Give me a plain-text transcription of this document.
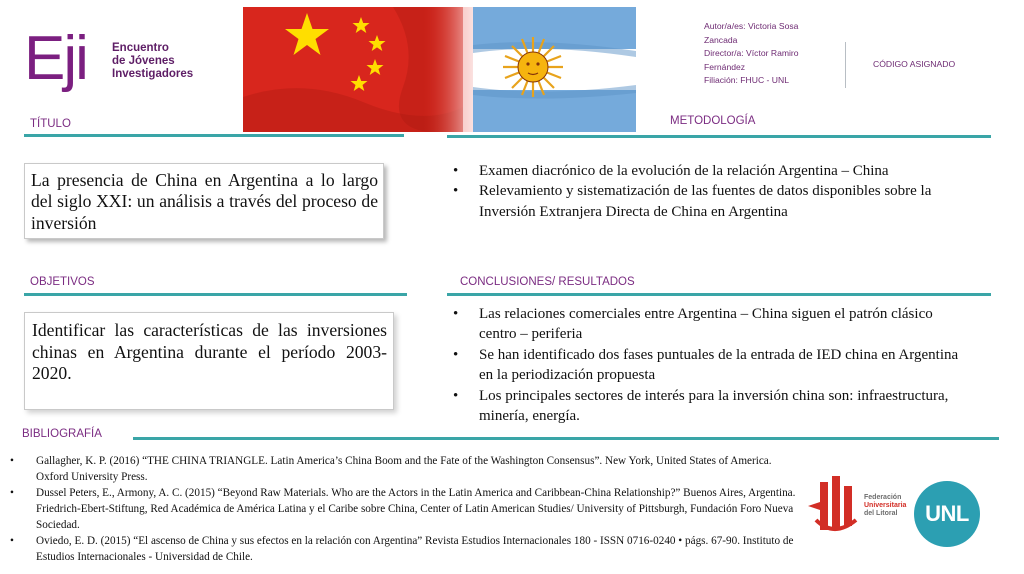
Eji Encuentro
de Jóvenes
Investigadores
Autor/a/es: Victoria Sosa
Zancada
Director/a: Víctor Ramiro
Fernández
Filiación: FHUC - UNL
CÓDIGO ASIGNADO
TÍTULO

La presencia de China en Argentina a lo largo del siglo XXI: un análisis a través del proceso de inversión

METODOLOGÍA
• Examen diacrónico de la evolución de la relación Argentina – China
• Relevamiento y sistematización de las fuentes de datos disponibles sobre la Inversión Extranjera Directa de China en Argentina
OBJETIVOS

Identificar las características de las inversiones chinas en Argentina durante el período 2003-2020.

CONCLUSIONES/ RESULTADOS
• Las relaciones comerciales entre Argentina – China siguen el patrón clásico centro – periferia
• Se han identificado dos fases puntuales de la entrada de IED china en Argentina en la periodización propuesta
• Los principales sectores de interés para la inversión china son: infraestructura, minería, energía.
BIBLIOGRAFÍA
• Gallagher, K. P. (2016) “THE CHINA TRIANGLE. Latin America’s China Boom and the Fate of the Washington Consensus”. New York, United States of America. Oxford University Press.
• Dussel Peters, E., Armony, A. C. (2015) “Beyond Raw Materials. Who are the Actors in the Latin America and Caribbean-China Relationship?” Buenos Aires, Argentina. Friedrich-Ebert-Stiftung, Red Académica de América Latina y el Caribe sobre China, Center of Latin American Studies/ University of Pittsburgh, Fundación Foro Nueva Sociedad.
• Oviedo, E. D. (2015) “El ascenso de China y sus efectos en la relación con Argentina” Revista Estudios Internacionales 180 - ISSN 0716-0240 • págs. 67-90. Instituto de Estudios Internacionales - Universidad de Chile.
Federación
Universitaria
del Litoral	UNL
